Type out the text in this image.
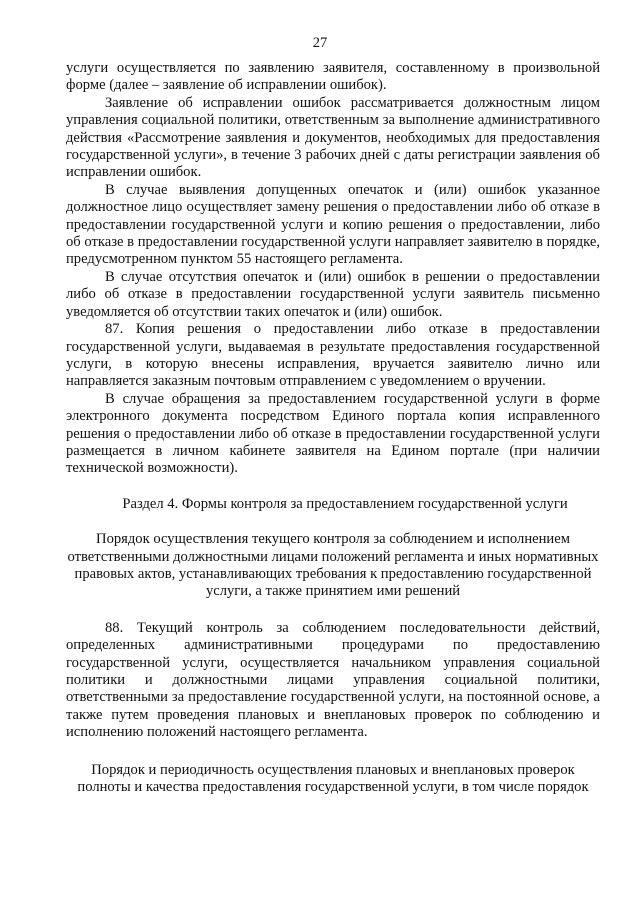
27

услуги осуществляется по заявлению заявителя, составленному в произвольной форме (далее – заявление об исправлении ошибок).

Заявление об исправлении ошибок рассматривается должностным лицом управления социальной политики, ответственным за выполнение административного действия «Рассмотрение заявления и документов, необходимых для предоставления государственной услуги», в течение 3 рабочих дней с даты регистрации заявления об исправлении ошибок.

В случае выявления допущенных опечаток и (или) ошибок указанное должностное лицо осуществляет замену решения о предоставлении либо об отказе в предоставлении государственной услуги и копию решения о предоставлении, либо об отказе в предоставлении государственной услуги направляет заявителю в порядке, предусмотренном пунктом 55 настоящего регламента.

В случае отсутствия опечаток и (или) ошибок в решении о предоставлении либо об отказе в предоставлении государственной услуги заявитель письменно уведомляется об отсутствии таких опечаток и (или) ошибок.

87. Копия решения о предоставлении либо отказе в предоставлении государственной услуги, выдаваемая в результате предоставления государственной услуги, в которую внесены исправления, вручается заявителю лично или направляется заказным почтовым отправлением с уведомлением о вручении.

В случае обращения за предоставлением государственной услуги в форме электронного документа посредством Единого портала копия исправленного решения о предоставлении либо об отказе в предоставлении государственной услуги размещается в личном кабинете заявителя на Едином портале (при наличии технической возможности).

Раздел 4. Формы контроля за предоставлением государственной услуги

Порядок осуществления текущего контроля за соблюдением и исполнением ответственными должностными лицами положений регламента и иных нормативных правовых актов, устанавливающих требования к предоставлению государственной услуги, а также принятием ими решений

88. Текущий контроль за соблюдением последовательности действий, определенных административными процедурами по предоставлению государственной услуги, осуществляется начальником управления социальной политики и должностными лицами управления социальной политики, ответственными за предоставление государственной услуги, на постоянной основе, а также путем проведения плановых и внеплановых проверок по соблюдению и исполнению положений настоящего регламента.

Порядок и периодичность осуществления плановых и внеплановых проверок полноты и качества предоставления государственной услуги, в том числе порядок
